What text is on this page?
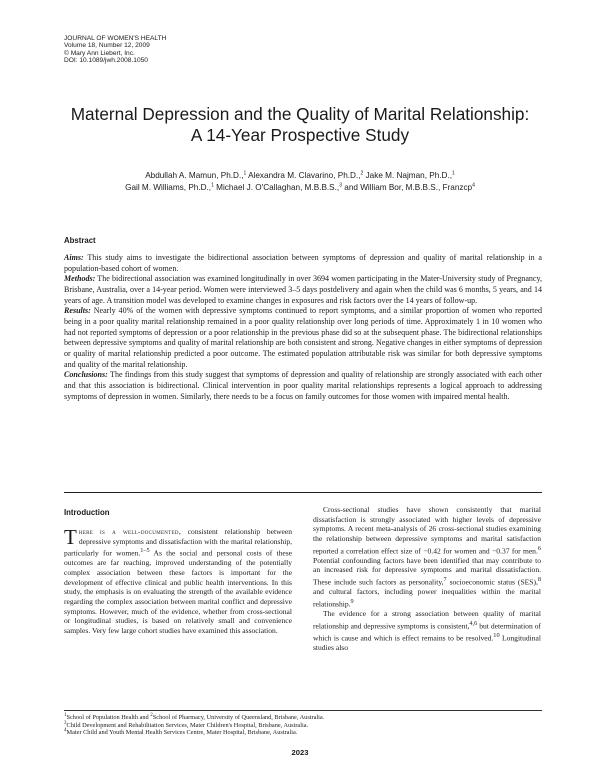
JOURNAL OF WOMEN'S HEALTH
Volume 18, Number 12, 2009
© Mary Ann Liebert, Inc.
DOI: 10.1089/jwh.2008.1050
Maternal Depression and the Quality of Marital Relationship:
A 14-Year Prospective Study
Abdullah A. Mamun, Ph.D.,$^1$ Alexandra M. Clavarino, Ph.D.,$^2$ Jake M. Najman, Ph.D.,$^1$
Gail M. Williams, Ph.D.,$^1$ Michael J. O'Callaghan, M.B.B.S.,$^3$ and William Bor, M.B.B.S., Franzcp$^4$
Abstract

Aims: This study aims to investigate the bidirectional association between symptoms of depression and quality of marital relationship in a population-based cohort of women.

Methods: The bidirectional association was examined longitudinally in over 3694 women participating in the Mater-University study of Pregnancy, Brisbane, Australia, over a 14-year period. Women were interviewed 3–5 days postdelivery and again when the child was 6 months, 5 years, and 14 years of age. A transition model was developed to examine changes in exposures and risk factors over the 14 years of follow-up.

Results: Nearly 40% of the women with depressive symptoms continued to report symptoms, and a similar proportion of women who reported being in a poor quality marital relationship remained in a poor quality relationship over long periods of time. Approximately 1 in 10 women who had not reported symptoms of depression or a poor relationship in the previous phase did so at the subsequent phase. The bidirectional relationships between depressive symptoms and quality of marital relationship are both consistent and strong. Negative changes in either symptoms of depression or quality of marital relationship predicted a poor outcome. The estimated population attributable risk was similar for both depressive symptoms and quality of the marital relationship.

Conclusions: The findings from this study suggest that symptoms of depression and quality of relationship are strongly associated with each other and that this association is bidirectional. Clinical intervention in poor quality marital relationships represents a logical approach to addressing symptoms of depression in women. Similarly, there needs to be a focus on family outcomes for those women with impaired mental health.

Introduction

There is a well-documented, consistent relationship between depressive symptoms and dissatisfaction with the marital relationship, particularly for women.$^{1-5}$ As the social and personal costs of these outcomes are far reaching, improved understanding of the potentially complex association between these factors is important for the development of effective clinical and public health interventions. In this study, the emphasis is on evaluating the strength of the available evidence regarding the complex association between marital conflict and depressive symptoms. However, much of the evidence, whether from cross-sectional or longitudinal studies, is based on relatively small and convenience samples. Very few large cohort studies have examined this association.

Cross-sectional studies have shown consistently that marital dissatisfaction is strongly associated with higher levels of depressive symptoms. A recent meta-analysis of 26 cross-sectional studies examining the relationship between depressive symptoms and marital satisfaction reported a correlation effect size of −0.42 for women and −0.37 for men.$^6$ Potential confounding factors have been identified that may contribute to an increased risk for depressive symptoms and marital dissatisfaction. These include such factors as personality,$^7$ socioeconomic status (SES),$^8$ and cultural factors, including power inequalities within the marital relationship.$^9$

The evidence for a strong association between quality of marital relationship and depressive symptoms is consistent,$^{4,6}$ but determination of which is cause and which is effect remains to be resolved.$^{10}$ Longitudinal studies also

$^1$School of Population Health and $^2$School of Pharmacy, University of Queensland, Brisbane, Australia.
$^3$Child Development and Rehabilitation Services, Mater Children's Hospital, Brisbane, Australia.
$^4$Mater Child and Youth Mental Health Services Centre, Mater Hospital, Brisbane, Australia.
2023
